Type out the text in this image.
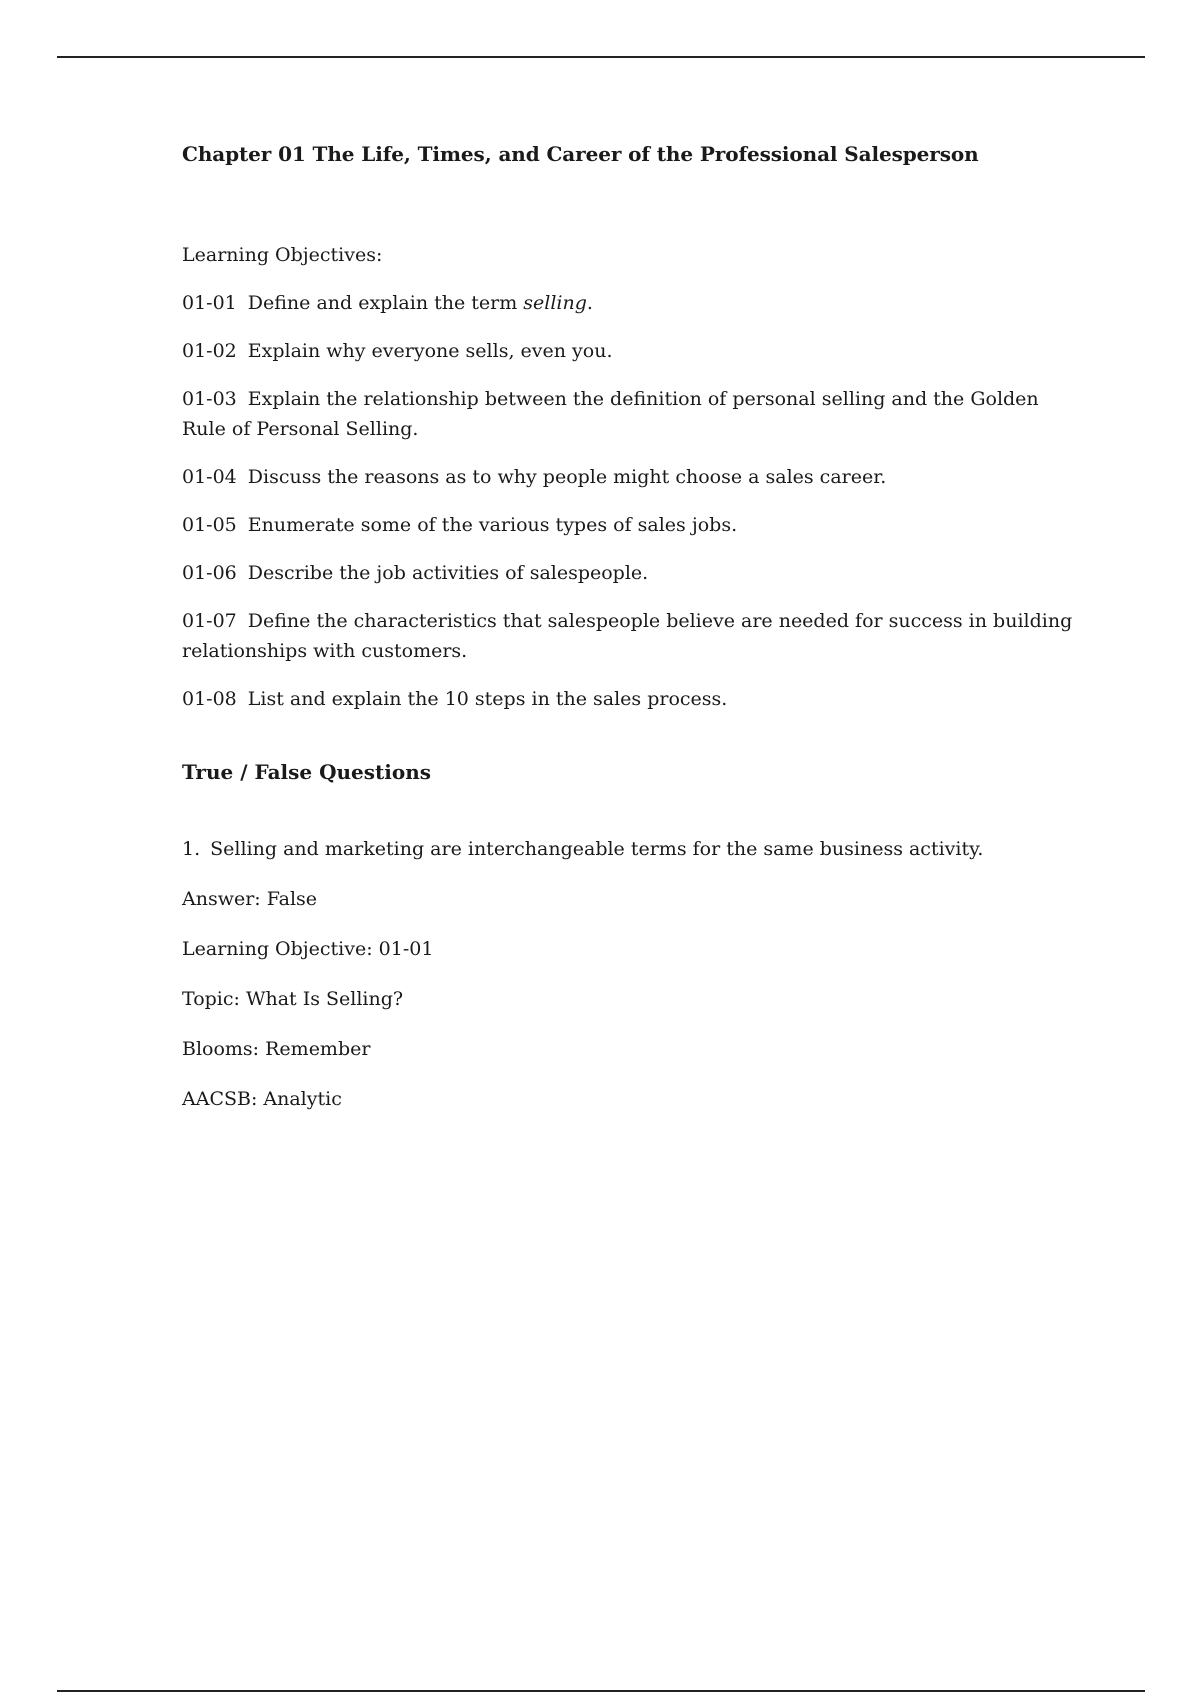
Chapter 01 The Life, Times, and Career of the Professional Salesperson

Learning Objectives:

01-01 Define and explain the term selling.

01-02 Explain why everyone sells, even you.

01-03 Explain the relationship between the definition of personal selling and the Golden Rule of Personal Selling.

01-04 Discuss the reasons as to why people might choose a sales career.

01-05 Enumerate some of the various types of sales jobs.

01-06 Describe the job activities of salespeople.

01-07 Define the characteristics that salespeople believe are needed for success in building relationships with customers.

01-08 List and explain the 10 steps in the sales process.

True / False Questions

1. Selling and marketing are interchangeable terms for the same business activity.

Answer: False

Learning Objective: 01-01

Topic: What Is Selling?

Blooms: Remember

AACSB: Analytic
